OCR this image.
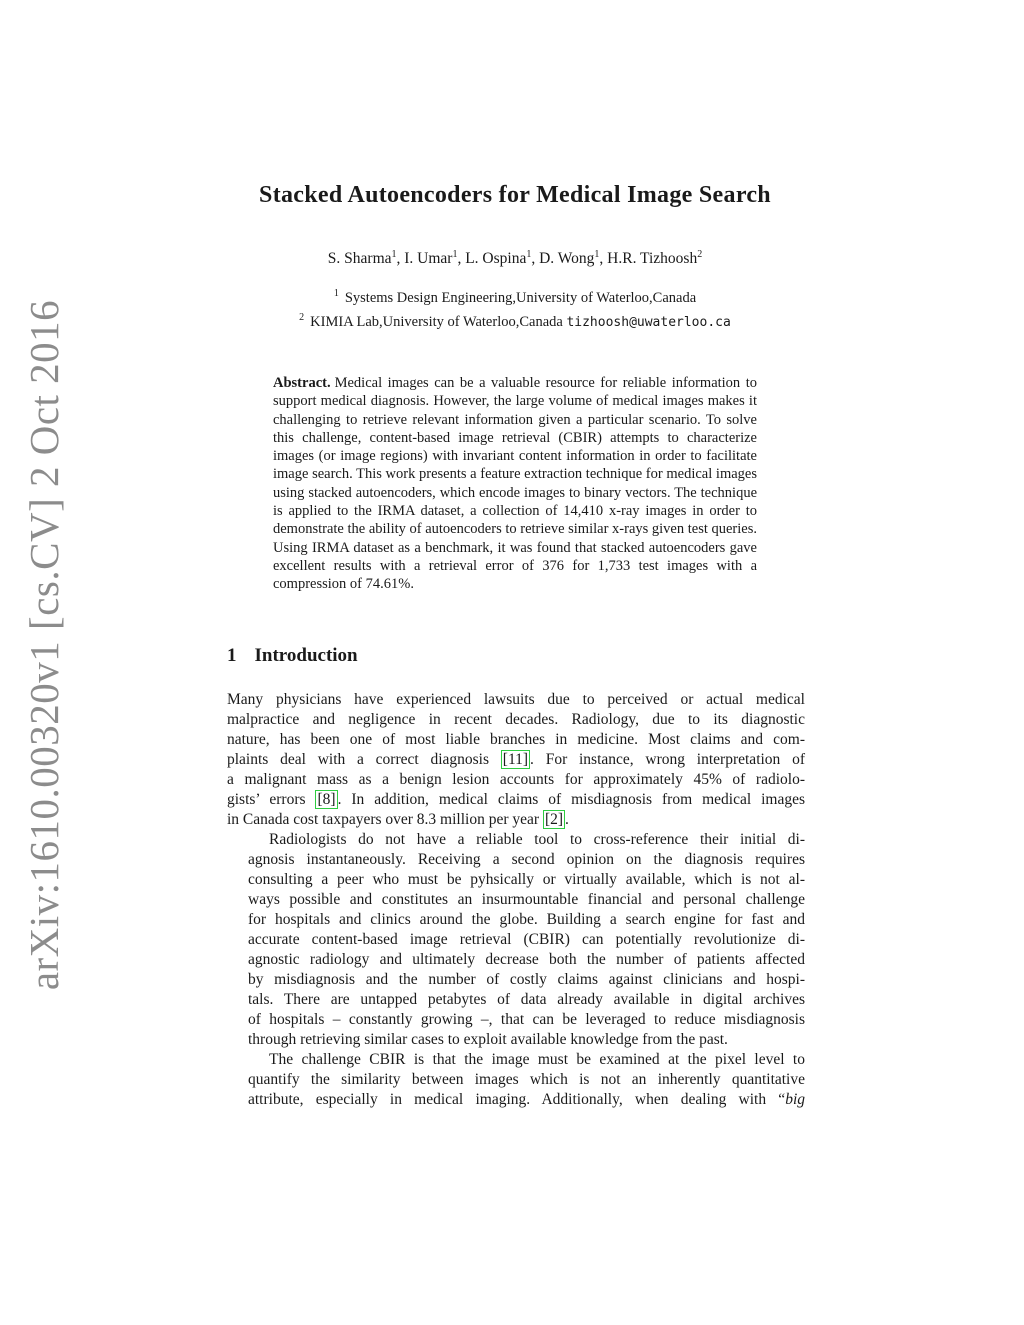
arXiv:1610.00320v1 [cs.CV] 2 Oct 2016
Stacked Autoencoders for Medical Image Search
S. Sharma$^1$, I. Umar$^1$, L. Ospina$^1$, D. Wong$^1$, H.R. Tizhoosh$^2$
$^1$ Systems Design Engineering,University of Waterloo,Canada
$^2$ KIMIA Lab,University of Waterloo,Canada tizhoosh@uwaterloo.ca
Abstract. Medical images can be a valuable resource for reliable information to support medical diagnosis. However, the large volume of medical images makes it challenging to retrieve relevant information given a particular scenario. To solve this challenge, content-based image retrieval (CBIR) attempts to characterize images (or image regions) with invariant content information in order to facilitate image search. This work presents a feature extraction technique for medical images using stacked autoencoders, which encode images to binary vectors. The technique is applied to the IRMA dataset, a collection of 14,410 x-ray images in order to demonstrate the ability of autoencoders to retrieve similar x-rays given test queries. Using IRMA dataset as a benchmark, it was found that stacked autoencoders gave excellent results with a retrieval error of 376 for 1,733 test images with a compression of 74.61%.
1 Introduction

Many physicians have experienced lawsuits due to perceived or actual medical
malpractice and negligence in recent decades. Radiology, due to its diagnostic
nature, has been one of most liable branches in medicine. Most claims and com-
plaints deal with a correct diagnosis [11] . For instance, wrong interpretation of
a malignant mass as a benign lesion accounts for approximately 45% of radiolo-
gists’ errors [8] . In addition, medical claims of misdiagnosis from medical images
in Canada cost taxpayers over 8.3 million per year [2] .

Radiologists do not have a reliable tool to cross-reference their initial di-
agnosis instantaneously. Receiving a second opinion on the diagnosis requires
consulting a peer who must be pyhsically or virtually available, which is not al-
ways possible and constitutes an insurmountable financial and personal challenge
for hospitals and clinics around the globe. Building a search engine for fast and
accurate content-based image retrieval (CBIR) can potentially revolutionize di-
agnostic radiology and ultimately decrease both the number of patients affected
by misdiagnosis and the number of costly claims against clinicians and hospi-
tals. There are untapped petabytes of data already available in digital archives
of hospitals – constantly growing –, that can be leveraged to reduce misdiagnosis
through retrieving similar cases to exploit available knowledge from the past.

The challenge CBIR is that the image must be examined at the pixel level to
quantify the similarity between images which is not an inherently quantitative
attribute, especially in medical imaging. Additionally, when dealing with “big
